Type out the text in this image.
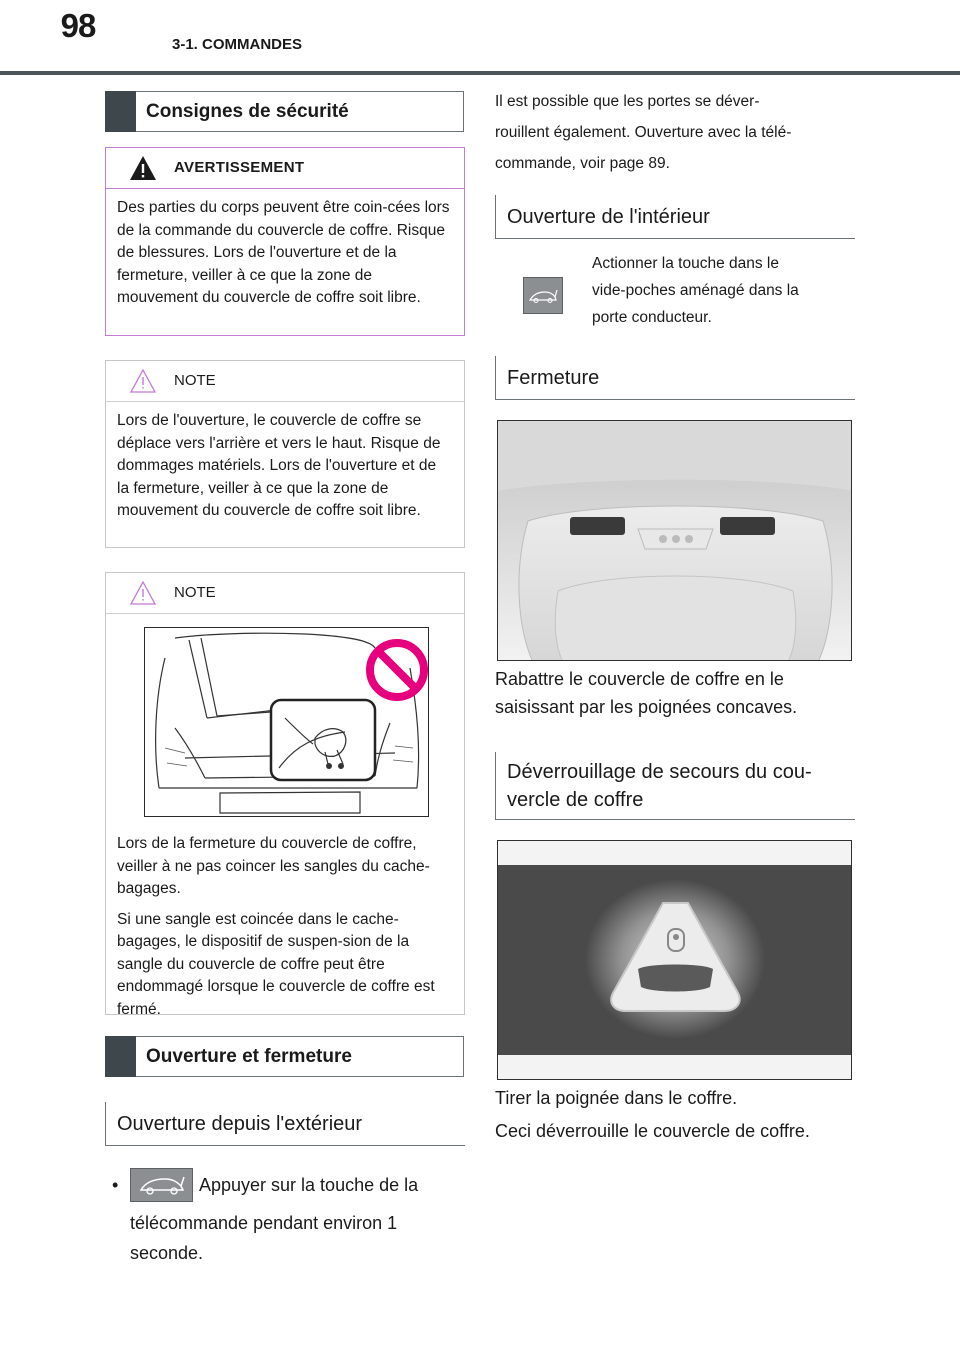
98
3-1. COMMANDES
Consignes de sécurité
AVERTISSEMENT

Des parties du corps peuvent être coin-cées lors de la commande du couvercle de coffre. Risque de blessures. Lors de l'ouverture et de la fermeture, veiller à ce que la zone de mouvement du couvercle de coffre soit libre.

NOTE

Lors de l'ouverture, le couvercle de coffre se déplace vers l'arrière et vers le haut. Risque de dommages matériels. Lors de l'ouverture et de la fermeture, veiller à ce que la zone de mouvement du couvercle de coffre soit libre.

NOTE

Lors de la fermeture du couvercle de coffre, veiller à ne pas coincer les sangles du cache-bagages.

Si une sangle est coincée dans le cache-bagages, le dispositif de suspen-sion de la sangle du couvercle de coffre peut être endommagé lorsque le couvercle de coffre est fermé.

Ouverture et fermeture
Ouverture depuis l'extérieur
•	Appuyer sur la touche de la
télécommande pendant environ 1
seconde.
Il est possible que les portes se déver-
rouillent également. Ouverture avec la télé-
commande, voir page 89.
Ouverture de l'intérieur
Actionner la touche dans le
vide-poches aménagé dans la
porte conducteur.
Fermeture
Rabattre le couvercle de coffre en le
saisissant par les poignées concaves.
Déverrouillage de secours du cou-
vercle de coffre
Tirer la poignée dans le coffre.
Ceci déverrouille le couvercle de coffre.
